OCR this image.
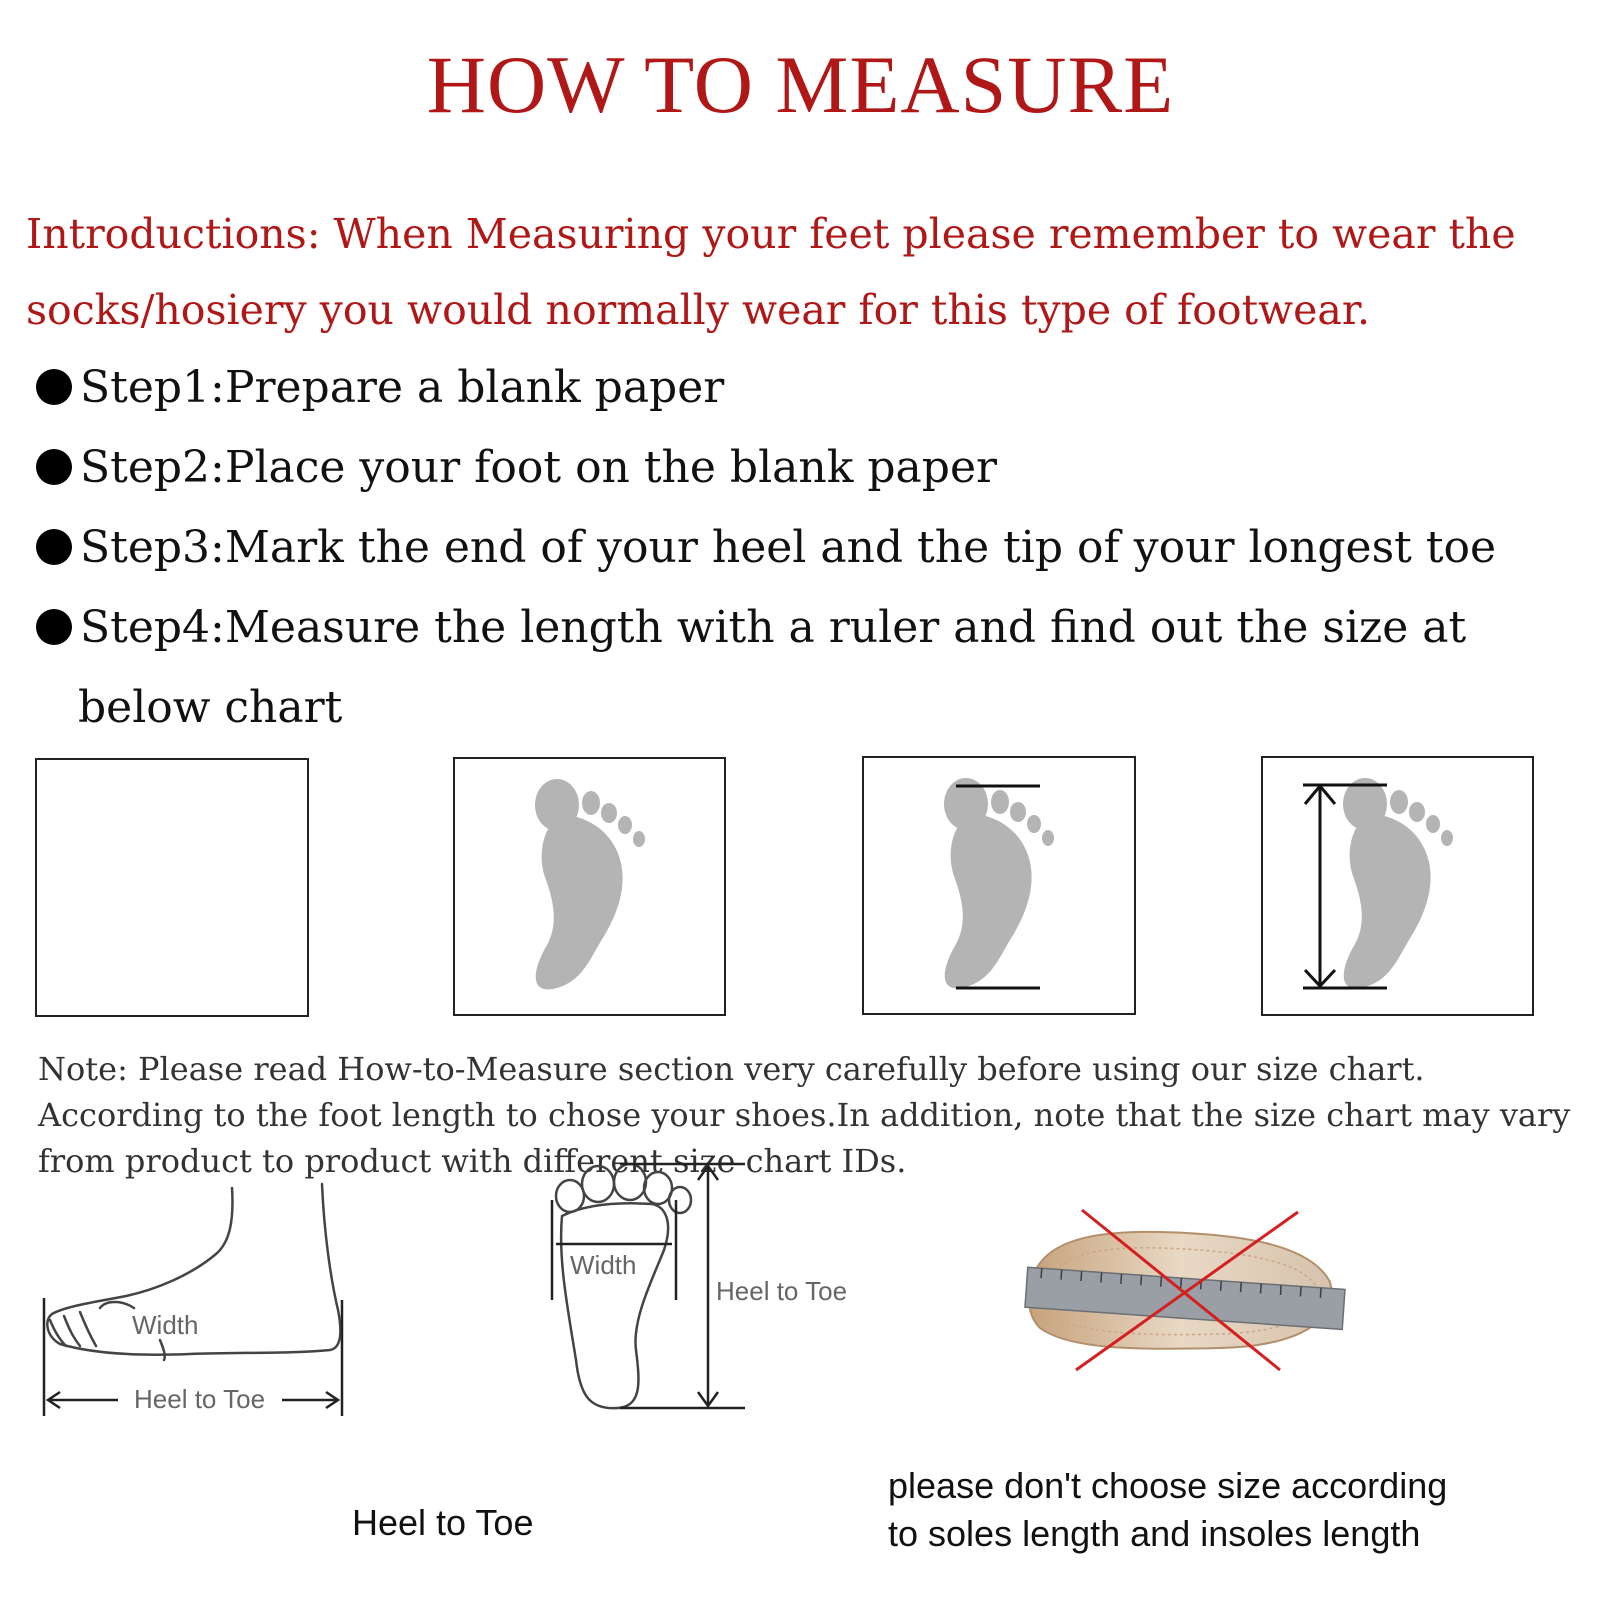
HOW TO MEASURE
Introductions: When Measuring your feet please remember to wear the socks/hosiery you would normally wear for this type of footwear.
Step1:Prepare a blank paper
Step2:Place your foot on the blank paper
Step3:Mark the end of your heel and the tip of your longest toe
Step4:Measure the length with a ruler and find out the size at
below chart
Note: Please read How-to-Measure section very carefully before using our size chart. According to the foot length to chose your shoes.In addition, note that the size chart may vary from product to product with different size chart IDs.
Width
Heel to Toe
Width
Heel to Toe
Heel to Toe
please don't choose size according
to soles length and insoles length
